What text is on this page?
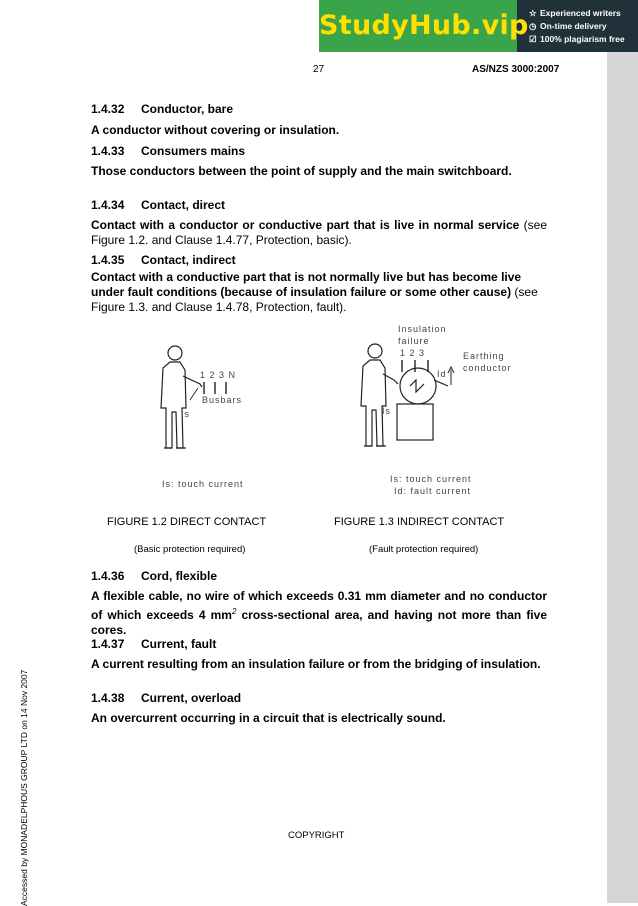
StudyHub.vip ☆ Experienced writers
◷ On-time delivery
☑ 100% plagiarism free
27	AS/NZS 3000:2007
1.4.32 Conductor, bare
A conductor without covering or insulation.
1.4.33 Consumers mains
Those conductors between the point of supply and the main switchboard.
1.4.34 Contact, direct
Contact with a conductor or conductive part that is live in normal service (see Figure 1.2. and Clause 1.4.77, Protection, basic).
1.4.35 Contact, indirect
Contact with a conductive part that is not normally live but has become live under fault conditions (because of insulation failure or some other cause) (see Figure 1.3. and Clause 1.4.78, Protection, fault).
1 2 3 N
Busbars
Is
Is: touch current
Insulation
failure
1 2 3	Earthing
conductor
Id
Is
Is: touch current
Id: fault current
FIGURE 1.2 DIRECT CONTACT	FIGURE 1.3 INDIRECT CONTACT
(Basic protection required)	(Fault protection required)
1.4.36 Cord, flexible
A flexible cable, no wire of which exceeds 0.31 mm diameter and no conductor of which exceeds 4 $mm^2$ cross-sectional area, and having not more than five cores.
1.4.37 Current, fault
A current resulting from an insulation failure or from the bridging of insulation.
1.4.38 Current, overload
An overcurrent occurring in a circuit that is electrically sound.
Accessed by MONADELPHOUS GROUP LTD on 14 Nov 2007	COPYRIGHT
